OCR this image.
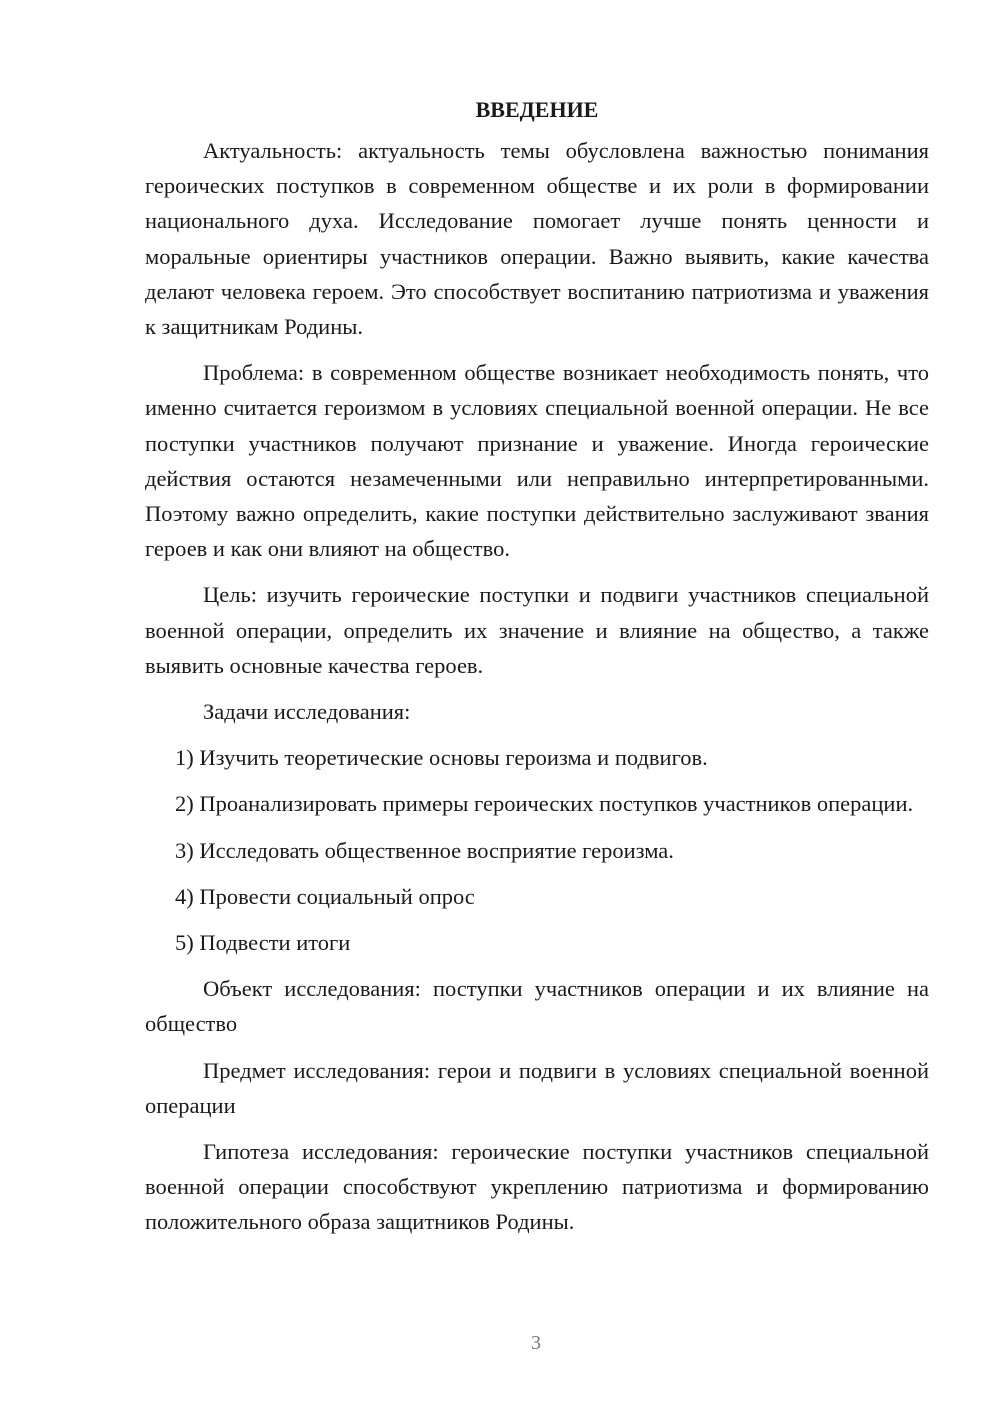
ВВЕДЕНИЕ

Актуальность: актуальность темы обусловлена важностью понимания героических поступков в современном обществе и их роли в формировании национального духа. Исследование помогает лучше понять ценности и моральные ориентиры участников операции. Важно выявить, какие качества делают человека героем. Это способствует воспитанию патриотизма и уважения к защитникам Родины.

Проблема: в современном обществе возникает необходимость понять, что именно считается героизмом в условиях специальной военной операции. Не все поступки участников получают признание и уважение. Иногда героические действия остаются незамеченными или неправильно интерпретированными. Поэтому важно определить, какие поступки действительно заслуживают звания героев и как они влияют на общество.

Цель: изучить героические поступки и подвиги участников специальной военной операции, определить их значение и влияние на общество, а также выявить основные качества героев.

Задачи исследования:

1) Изучить теоретические основы героизма и подвигов.

2) Проанализировать примеры героических поступков участников операции.

3) Исследовать общественное восприятие героизма.

4) Провести социальный опрос

5) Подвести итоги

Объект исследования: поступки участников операции и их влияние на общество

Предмет исследования: герои и подвиги в условиях специальной военной операции

Гипотеза исследования: героические поступки участников специальной военной операции способствуют укреплению патриотизма и формированию положительного образа защитников Родины.

3
